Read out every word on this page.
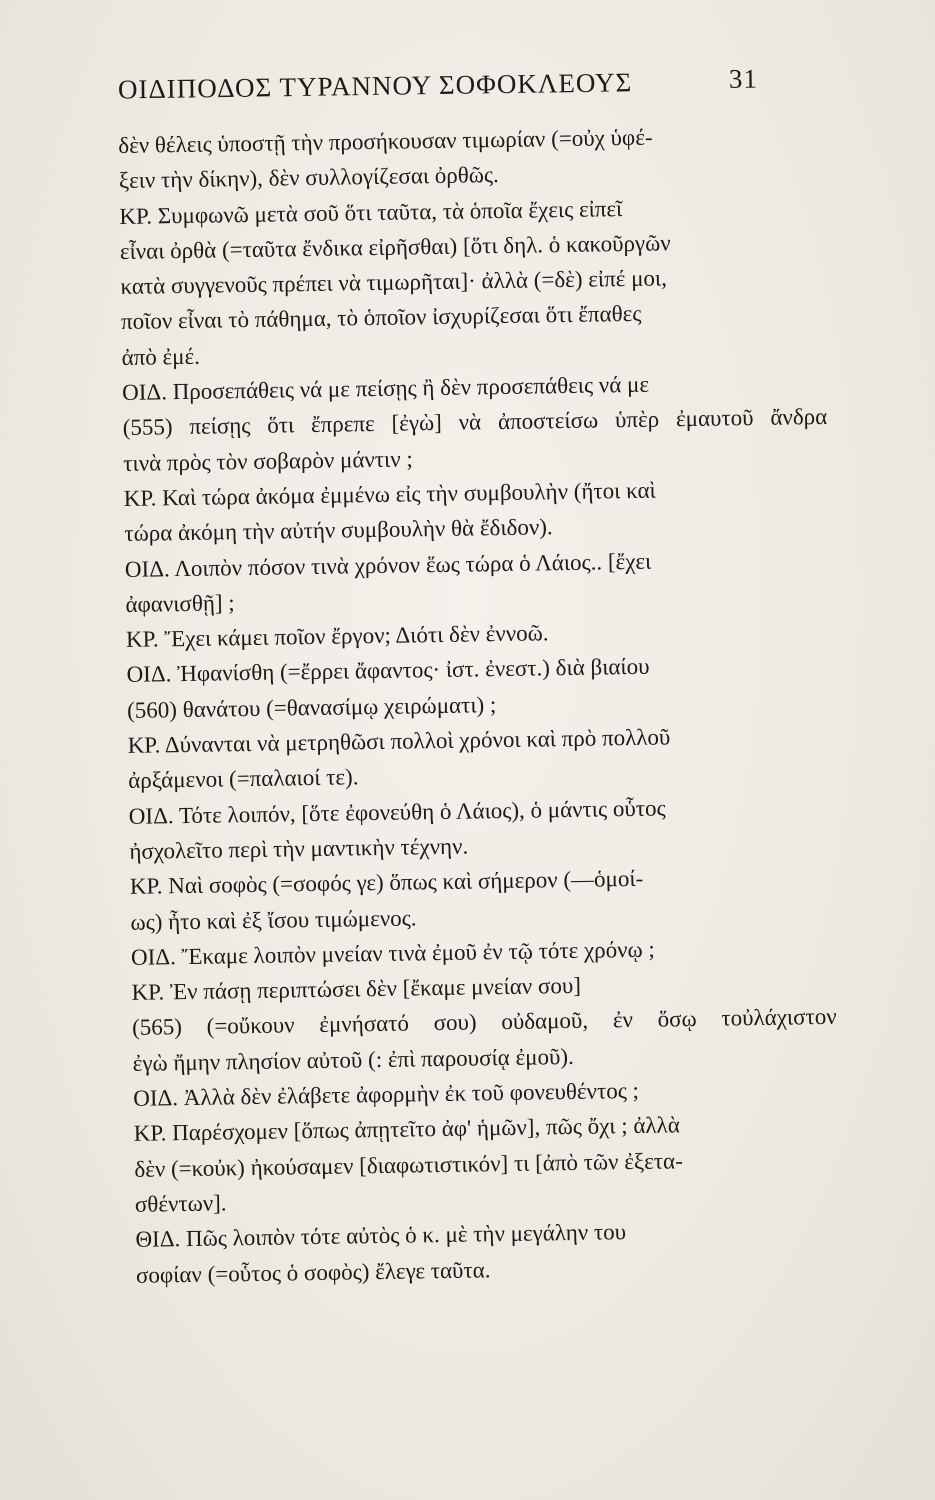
ΟΙΔΙΠΟΔΟΣ ΤΥΡΑΝΝΟΥ ΣΟΦΟΚΛΕΟΥΣ	31
δὲν θέλεις ὑποστῇ τὴν προσήκουσαν τιμωρίαν (=οὐχ ὑφέ-
ξειν τὴν δίκην), δὲν συλλογίζεσαι ὀρθῶς.
ΚΡ. Συμφωνῶ μετὰ σοῦ ὅτι ταῦτα, τὰ ὁποῖα ἔχεις εἰπεῖ
εἶναι ὀρθὰ (=ταῦτα ἔνδικα εἰρῆσθαι) [ὅτι δηλ. ὁ κακοῦργῶν
κατὰ συγγενοῦς πρέπει νὰ τιμωρῆται]· ἀλλὰ (=δὲ) εἰπέ μοι,
ποῖον εἶναι τὸ πάθημα, τὸ ὁποῖον ἰσχυρίζεσαι ὅτι ἔπαθες
ἀπὸ ἐμέ.
ΟΙΔ. Προσεπάθεις νά με πείσῃς ἢ δὲν προσεπάθεις νά με
(555) πείσῃς ὅτι ἔπρεπε [ἐγὼ] νὰ ἀποστείσω ὑπὲρ ἐμαυτοῦ ἄνδρα
τινὰ πρὸς τὸν σοβαρὸν μάντιν ;
ΚΡ. Καὶ τώρα ἀκόμα ἐμμένω εἰς τὴν συμβουλὴν (ἤτοι καὶ
τώρα ἀκόμη τὴν αὐτήν συμβουλὴν θὰ ἔδιδον).
ΟΙΔ. Λοιπὸν πόσον τινὰ χρόνον ἕως τώρα ὁ Λάιος.. [ἔχει
ἀφανισθῇ] ;
ΚΡ. Ἔχει κάμει ποῖον ἔργον; Διότι δὲν ἐννοῶ.
ΟΙΔ. Ἠφανίσθη (=ἔρρει ἄφαντος· ἰστ. ἐνεστ.) διὰ βιαίου
(560) θανάτου (=θανασίμῳ χειρώματι) ;
ΚΡ. Δύνανται νὰ μετρηθῶσι πολλοὶ χρόνοι καὶ πρὸ πολλοῦ
ἀρξάμενοι (=παλαιοί τε).
ΟΙΔ. Τότε λοιπόν, [ὅτε ἐφονεύθη ὁ Λάιος), ὁ μάντις οὗτος
ἠσχολεῖτο περὶ τὴν μαντικὴν τέχνην.
ΚΡ. Ναὶ σοφὸς (=σοφός γε) ὅπως καὶ σήμερον (—ὁμοί-
ως) ἦτο καὶ ἐξ ἴσου τιμώμενος.
ΟΙΔ. Ἔκαμε λοιπὸν μνείαν τινὰ ἐμοῦ ἐν τῷ τότε χρόνῳ ;
ΚΡ. Ἐν πάσῃ περιπτώσει δὲν [ἔκαμε μνείαν σου]
(565) (=οὔκουν ἐμνήσατό σου) οὐδαμοῦ, ἐν ὅσῳ τοὐλάχιστον
ἐγὼ ἤμην πλησίον αὐτοῦ (: ἐπὶ παρουσίᾳ ἐμοῦ).
ΟΙΔ. Ἀλλὰ δὲν ἐλάβετε ἀφορμὴν ἐκ τοῦ φονευθέντος ;
ΚΡ. Παρέσχομεν [ὅπως ἀπῃτεῖτο ἀφ' ἡμῶν], πῶς ὄχι ; ἀλλὰ
δὲν (=κοὐκ) ἠκούσαμεν [διαφωτιστικόν] τι [ἀπὸ τῶν ἐξετα-
σθέντων].
ΘΙΔ. Πῶς λοιπὸν τότε αὐτὸς ὁ κ. μὲ τὴν μεγάλην του
σοφίαν (=οὗτος ὁ σοφὸς) ἔλεγε ταῦτα.
